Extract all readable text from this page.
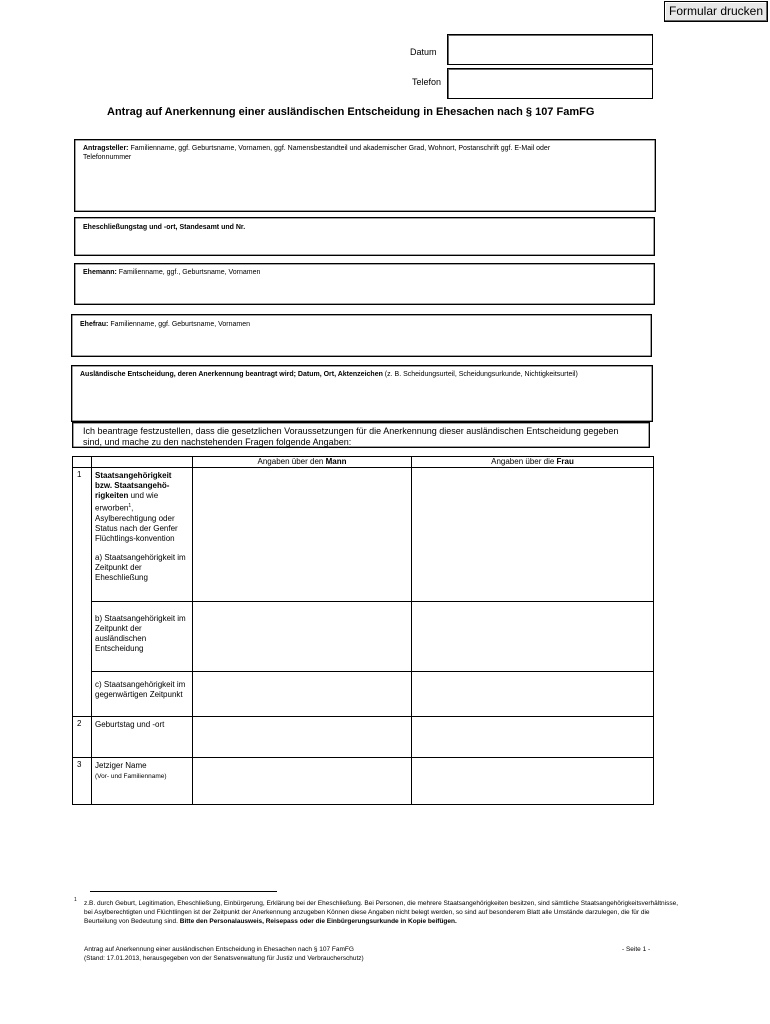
Formular drucken
Datum
Telefon
Antrag auf Anerkennung einer ausländischen Entscheidung in Ehesachen nach § 107 FamFG
Antragsteller: Familienname, ggf. Geburtsname, Vornamen, ggf. Namensbestandteil und akademischer Grad, Wohnort, Postanschrift ggf. E-Mail oder
Telefonnummer
Eheschließungstag und -ort, Standesamt und Nr.
Ehemann: Familienname, ggf., Geburtsname, Vornamen
Ehefrau: Familienname, ggf. Geburtsname, Vornamen
Ausländische Entscheidung, deren Anerkennung beantragt wird; Datum, Ort, Aktenzeichen (z. B. Scheidungsurteil, Scheidungsurkunde, Nichtigkeitsurteil)
Ich beantrage festzustellen, dass die gesetzlichen Voraussetzungen für die Anerkennung dieser ausländischen Entscheidung gegeben
sind, und mache zu den nachstehenden Fragen folgende Angaben:
		Angaben über den Mann	Angaben über die Frau
1	Staatsangehörigkeit bzw. Staatsangehö-rigkeiten und wie erworben$^1$, Asylberechtigung oder Status nach der Genfer Flüchtlings-konvention
a) Staatsangehörigkeit im Zeitpunkt der Eheschließung		

	b) Staatsangehörigkeit im Zeitpunkt der ausländischen Entscheidung		
	c) Staatsangehörigkeit im gegenwärtigen Zeitpunkt		
2	Geburtstag und -ort		
3	Jetziger Name
(Vor- und Familienname)		
1 z.B. durch Geburt, Legitimation, Eheschließung, Einbürgerung, Erklärung bei der Eheschließung. Bei Personen, die mehrere Staatsangehörigkeiten besitzen, sind sämtliche Staatsangehörigkeitsverhältnisse, bei Asylberechtigten und Flüchtlingen ist der Zeitpunkt der Anerkennung anzugeben Können diese Angaben nicht belegt werden, so sind auf besonderem Blatt alle Umstände darzulegen, die für die Beurteilung von Bedeutung sind. Bitte den Personalausweis, Reisepass oder die Einbürgerungsurkunde in Kopie beifügen.
Antrag auf Anerkennung einer ausländischen Entscheidung in Ehesachen nach § 107 FamFG
(Stand: 17.01.2013, herausgegeben von der Senatsverwaltung für Justiz und Verbraucherschutz)
- Seite 1 -
